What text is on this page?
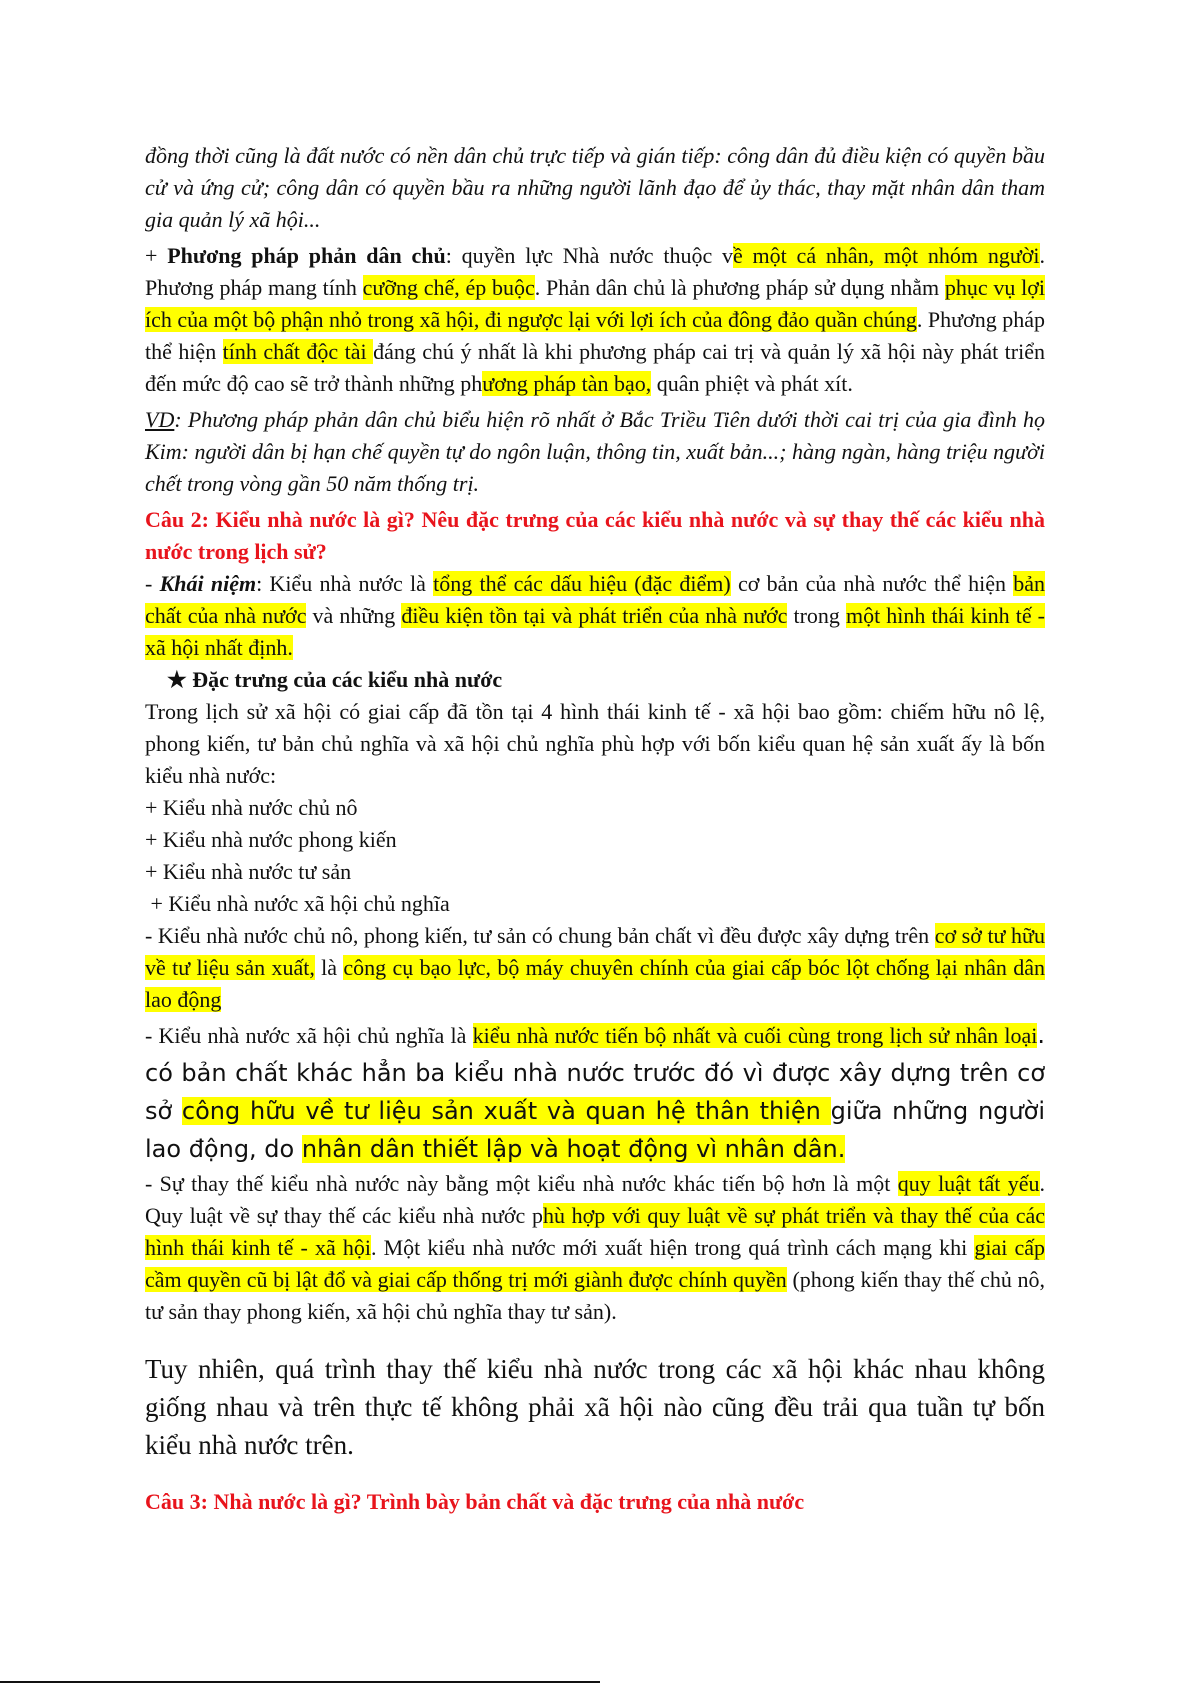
đồng thời cũng là đất nước có nền dân chủ trực tiếp và gián tiếp: công dân đủ điều kiện có quyền bầu cử và ứng cử; công dân có quyền bầu ra những người lãnh đạo để ủy thác, thay mặt nhân dân tham gia quản lý xã hội...

+ Phương pháp phản dân chủ: quyền lực Nhà nước thuộc về một cá nhân, một nhóm người. Phương pháp mang tính cưỡng chế, ép buộc. Phản dân chủ là phương pháp sử dụng nhằm phục vụ lợi ích của một bộ phận nhỏ trong xã hội, đi ngược lại với lợi ích của đông đảo quần chúng. Phương pháp thể hiện tính chất độc tài đáng chú ý nhất là khi phương pháp cai trị và quản lý xã hội này phát triển đến mức độ cao sẽ trở thành những phương pháp tàn bạo, quân phiệt và phát xít.

VD: Phương pháp phản dân chủ biểu hiện rõ nhất ở Bắc Triều Tiên dưới thời cai trị của gia đình họ Kim: người dân bị hạn chế quyền tự do ngôn luận, thông tin, xuất bản...; hàng ngàn, hàng triệu người chết trong vòng gần 50 năm thống trị.

Câu 2: Kiểu nhà nước là gì? Nêu đặc trưng của các kiểu nhà nước và sự thay thế các kiểu nhà nước trong lịch sử?

- Khái niệm: Kiểu nhà nước là tổng thể các dấu hiệu (đặc điểm) cơ bản của nhà nước thể hiện bản chất của nhà nước và những điều kiện tồn tại và phát triển của nhà nước trong một hình thái kinh tế - xã hội nhất định.

★ Đặc trưng của các kiểu nhà nước

Trong lịch sử xã hội có giai cấp đã tồn tại 4 hình thái kinh tế - xã hội bao gồm: chiếm hữu nô lệ, phong kiến, tư bản chủ nghĩa và xã hội chủ nghĩa phù hợp với bốn kiểu quan hệ sản xuất ấy là bốn kiểu nhà nước:

+ Kiểu nhà nước chủ nô

+ Kiểu nhà nước phong kiến

+ Kiểu nhà nước tư sản

+ Kiểu nhà nước xã hội chủ nghĩa

- Kiểu nhà nước chủ nô, phong kiến, tư sản có chung bản chất vì đều được xây dựng trên cơ sở tư hữu về tư liệu sản xuất, là công cụ bạo lực, bộ máy chuyên chính của giai cấp bóc lột chống lại nhân dân lao động

- Kiểu nhà nước xã hội chủ nghĩa là kiểu nhà nước tiến bộ nhất và cuối cùng trong lịch sử nhân loại. có bản chất khác hẳn ba kiểu nhà nước trước đó vì được xây dựng trên cơ sở công hữu về tư liệu sản xuất và quan hệ thân thiện giữa những người lao động, do nhân dân thiết lập và hoạt động vì nhân dân.

- Sự thay thế kiểu nhà nước này bằng một kiểu nhà nước khác tiến bộ hơn là một quy luật tất yếu. Quy luật về sự thay thế các kiểu nhà nước phù hợp với quy luật về sự phát triển và thay thế của các hình thái kinh tế - xã hội. Một kiểu nhà nước mới xuất hiện trong quá trình cách mạng khi giai cấp cầm quyền cũ bị lật đổ và giai cấp thống trị mới giành được chính quyền (phong kiến thay thế chủ nô, tư sản thay phong kiến, xã hội chủ nghĩa thay tư sản).

Tuy nhiên, quá trình thay thế kiểu nhà nước trong các xã hội khác nhau không giống nhau và trên thực tế không phải xã hội nào cũng đều trải qua tuần tự bốn kiểu nhà nước trên.

Câu 3: Nhà nước là gì? Trình bày bản chất và đặc trưng của nhà nước
